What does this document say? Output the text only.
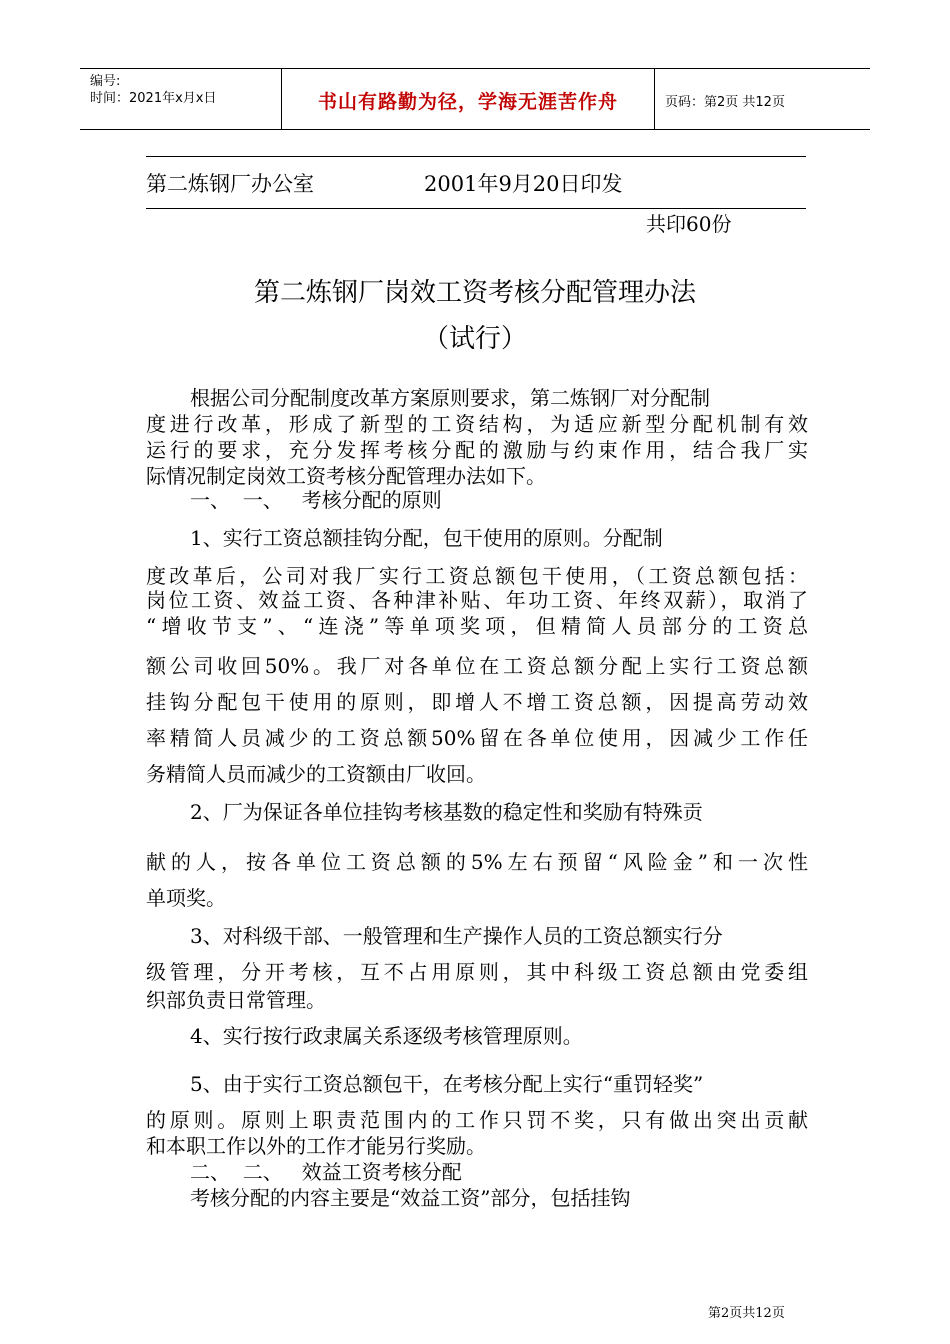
编号:
时间：2021年x月x日	书山有路勤为径，学海无涯苦作舟	页码：第2页 共12页
第二炼钢厂办公室	2001年9月20日印发
共印60份
第二炼钢厂岗效工资考核分配管理办法
（试行）
根据公司分配制度改革方案原则要求，第二炼钢厂对分配制
度进行改革，形成了新型的工资结构，为适应新型分配机制有效
运行的要求，充分发挥考核分配的激励与约束作用，结合我厂实
际情况制定岗效工资考核分配管理办法如下。
一、  一、   考核分配的原则
1、实行工资总额挂钩分配，包干使用的原则。分配制
度改革后，公司对我厂实行工资总额包干使用，（工资总额包括：
岗位工资、效益工资、各种津补贴、年功工资、年终双薪），取消了
“增收节支”、“连浇”等单项奖项，但精简人员部分的工资总
额公司收回50%。我厂对各单位在工资总额分配上实行工资总额
挂钩分配包干使用的原则，即增人不增工资总额，因提高劳动效
率精简人员减少的工资总额50%留在各单位使用，因减少工作任
务精简人员而减少的工资额由厂收回。
2、厂为保证各单位挂钩考核基数的稳定性和奖励有特殊贡
献的人，按各单位工资总额的5%左右预留“风险金”和一次性
单项奖。
3、对科级干部、一般管理和生产操作人员的工资总额实行分
级管理，分开考核，互不占用原则，其中科级工资总额由党委组
织部负责日常管理。
4、实行按行政隶属关系逐级考核管理原则。
5、由于实行工资总额包干，在考核分配上实行“重罚轻奖”
的原则。原则上职责范围内的工作只罚不奖，只有做出突出贡献
和本职工作以外的工作才能另行奖励。
二、  二、   效益工资考核分配
考核分配的内容主要是“效益工资”部分，包括挂钩
第2页共12页
